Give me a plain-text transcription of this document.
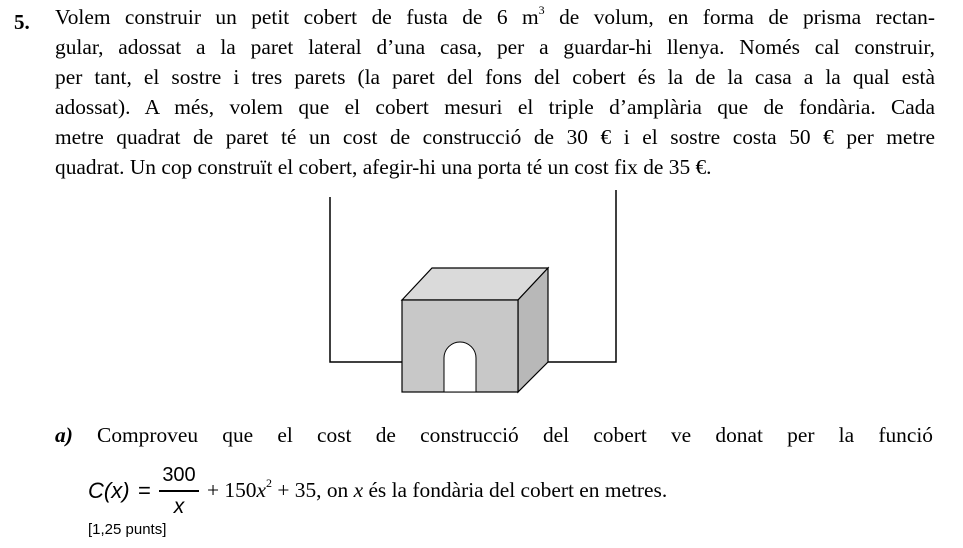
5. Volem construir un petit cobert de fusta de 6 $m^3$ de volum, en forma de prisma rectan-
gular, adossat a la paret lateral d’una casa, per a guardar-hi llenya. Només cal construir,
per tant, el sostre i tres parets (la paret del fons del cobert és la de la casa a la qual està
adossat). A més, volem que el cobert mesuri el triple d’amplària que de fondària. Cada
metre quadrat de paret té un cost de construcció de 30 € i el sostre costa 50 € per metre
quadrat. Un cop construït el cobert, afegir-hi una porta té un cost fix de 35 €.
a) Comproveu que el cost de construcció del cobert ve donat per la funció
C(x) =
300
x
+ $150x^2 + 35$, on x és la fondària del cobert en metres.
[1,25 punts]
